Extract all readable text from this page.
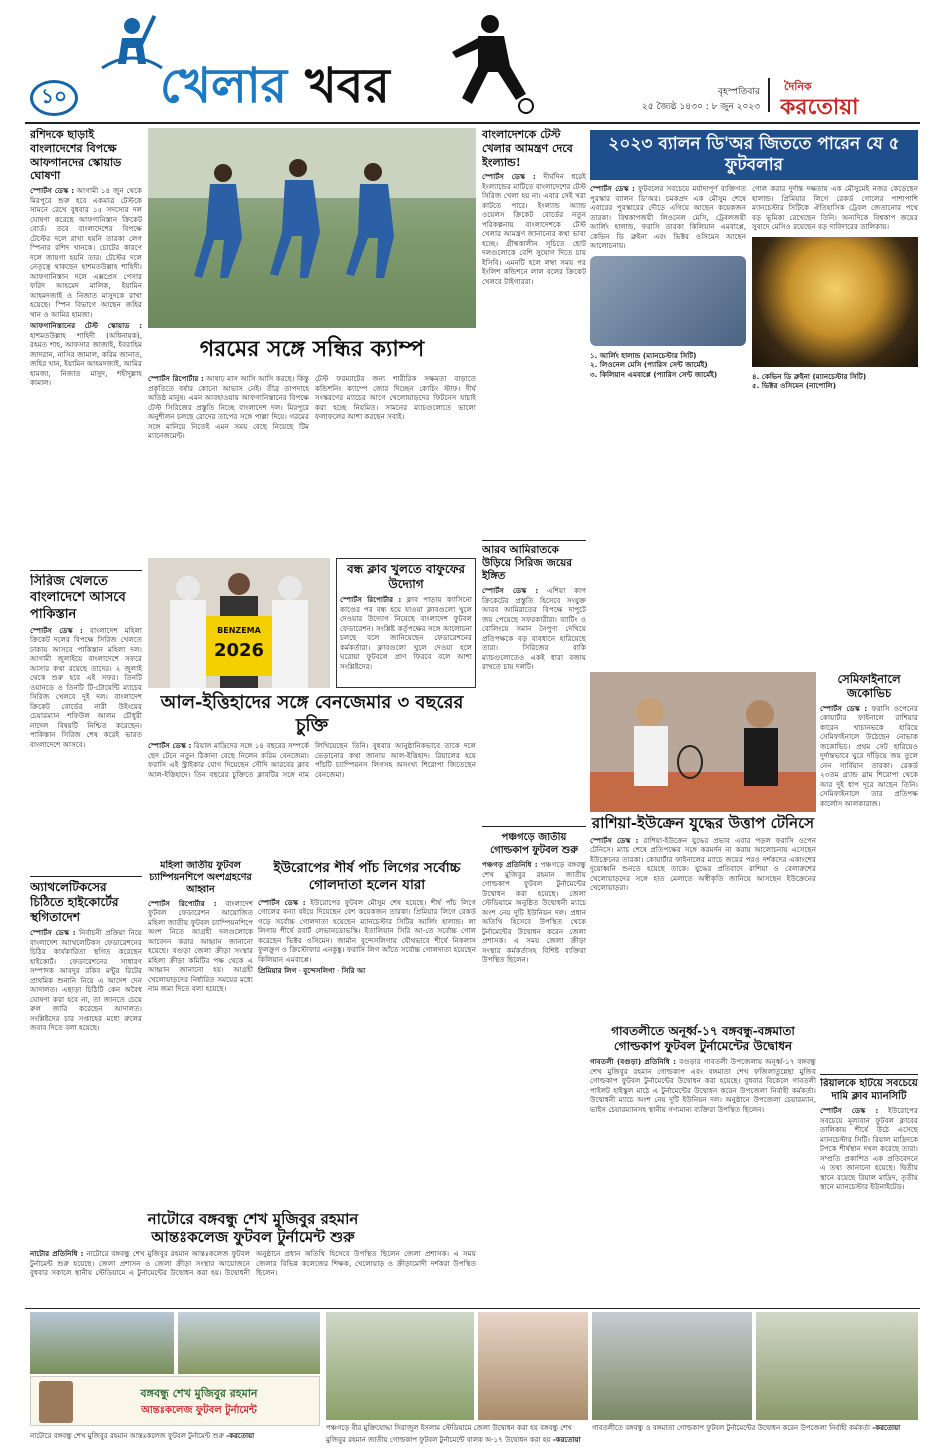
১০ খেলার খবর	বৃহস্পতিবার
২৫ জ্যৈষ্ঠ ১৪৩০ : ৮ জুন ২০২৩
দৈনিক
করতোয়া
রশিদকে ছাড়াই বাংলাদেশের বিপক্ষে আফগানদের স্কোয়াড ঘোষণা
স্পোর্টস ডেস্ক : আগামী ১৪ জুন থেকে মিরপুরে শুরু হবে একমাত্র টেস্টকে সামনে রেখে বুধবার ১৫ সদস্যের দল ঘোষণা করেছে আফগানিস্তান ক্রিকেট বোর্ড। তবে বাংলাদেশের বিপক্ষে টেস্টের দলে রাখা হয়নি তারকা লেগ স্পিনার রশিদ খানকে। চোটের কারণে দলে জায়গা হয়নি তার। টেস্টের দলে নেতৃত্বে থাকছেন হাশমতউল্লাহ শাহিদী। আফগানিস্তান দলে এক্সপ্রেস পেসার ফরিদ আহমেদ মালিক, ইয়ামিন আহমদজাই ও নিজাত মাসুদকে রাখা হয়েছে। স্পিন বিভাগে আছেন জহির খান ও আমির হামজা।
আফগানিস্তানের টেস্ট স্কোয়াড : হাশমতউল্লাহ শাহিদী (অধিনায়ক), রহমত শাহ, আফসার জাজাই, ইবরাহিম জাদরান, নাসির জামাল, করিম জানাত, জহির খান, ইয়ামিন আহমদজাই, আমির হামজা, নিজাত মাসুদ, শহীদুল্লাহ কামাল।
সিরিজ খেলতে বাংলাদেশে আসবে পাকিস্তান
স্পোর্টস ডেস্ক : বাংলাদেশ মহিলা ক্রিকেট দলের বিপক্ষে সিরিজ খেলতে ঢাকায় আসবে পাকিস্তান মহিলা দল। আগামী জুলাইয়ে বাংলাদেশে সফরে আসার কথা রয়েছে তাদের। ২ জুলাই থেকে শুরু হবে এই সফর। তিনটি ওয়ানডে ও তিনটি টি-টোয়েন্টি ম্যাচের সিরিজ খেলবে দুই দল। বাংলাদেশ ক্রিকেট বোর্ডের নারী উইংয়ের চেয়ারম্যান শফিউল আলম চৌধুরী নাদেল বিষয়টি নিশ্চিত করেছেন। পাকিস্তান সিরিজ শেষ করেই ভারত বাংলাদেশে আসবে।
অ্যাথলেটিকসের চিঠিতে হাইকোর্টের স্থগিতাদেশ
স্পোর্টস ডেস্ক : নির্বাচনী প্রক্রিয়া নিয়ে বাংলাদেশ অ্যাথলেটিকস ফেডারেশনের চিঠির কার্যকারিতা স্থগিত করেছেন হাইকোর্ট। ফেডারেশনের সাধারণ সম্পাদক আবদুর রকিব মন্টুর রিটের প্রাথমিক শুনানি নিয়ে এ আদেশ দেন আদালত। এছাড়া চিঠিটি কেন অবৈধ ঘোষণা করা হবে না, তা জানতে চেয়ে রুল জারি করেছেন আদালত। সংশ্লিষ্টদের চার সপ্তাহের মধ্যে রুলের জবাব দিতে বলা হয়েছে।
গরমের সঙ্গে সন্ধির ক্যাম্প
স্পোর্টস রিপোর্টার : আষাঢ় মাস আসি আসি করছে। কিন্তু প্রকৃতিতে বর্ষার কোনো আভাস নেই। তীব্র তাপদাহে অতিষ্ঠ মানুষ। এমন আবহাওয়ায় আফগানিস্তানের বিপক্ষে টেস্ট সিরিজের প্রস্তুতি নিচ্ছে বাংলাদেশ দল। মিরপুরে অনুশীলন চলছে রোদের তাপের সঙ্গে পাল্লা দিয়ে। গরমের সঙ্গে মানিয়ে নিতেই এমন সময় বেছে নিয়েছে টিম ম্যানেজমেন্ট।
টেস্ট ফরম্যাটের জন্য শারীরিক সক্ষমতা বাড়াতে কন্ডিশনিং ক্যাম্পে জোর দিচ্ছেন কোচিং স্টাফ। দীর্ঘ সংস্করণের ম্যাচের আগে খেলোয়াড়দের ফিটনেস যাচাই করা হচ্ছে নিয়মিত। সামনের ম্যাচগুলোতে ভালো ফলাফলের আশা করছেন সবাই।
BENZEMA
2026
আল-ইত্তিহাদের সঙ্গে বেনজেমার ৩ বছরের চুক্তি
স্পোর্টস ডেস্ক : রিয়াল মাদ্রিদের সঙ্গে ১৪ বছরের সম্পর্কে ছেদ টেনে নতুন ঠিকানা বেছে নিলেন করিম বেনজেমা। ফরাসি এই স্ট্রাইকার যোগ দিয়েছেন সৌদি আরবের ক্লাব আল-ইত্তিহাদে। তিন বছরের চুক্তিতে ক্লাবটির সঙ্গে নাম লিখিয়েছেন তিনি। বুধবার আনুষ্ঠানিকভাবে তাকে দলে ভেড়ানোর কথা জানায় আল-ইত্তিহাদ। রিয়ালের হয়ে পাঁচটি চ্যাম্পিয়নস লিগসহ অসংখ্য শিরোপা জিতেছেন বেনজেমা।
বন্ধ ক্লাব খুলতে বাফুফের উদ্যোগ
স্পোর্টস রিপোর্টার : ক্লাব পাড়ায় ক্যাসিনো কাণ্ডের পর বন্ধ হয়ে যাওয়া ক্লাবগুলো খুলে দেওয়ার উদ্যোগ নিয়েছে বাংলাদেশ ফুটবল ফেডারেশন। সংশ্লিষ্ট কর্তৃপক্ষের সঙ্গে আলোচনা চলছে বলে জানিয়েছেন ফেডারেশনের কর্মকর্তারা। ক্লাবগুলো খুলে দেওয়া হলে ঘরোয়া ফুটবলে প্রাণ ফিরবে বলে আশা সংশ্লিষ্টদের।
মহিলা জাতীয় ফুটবল চ্যাম্পিয়নশিপে অংশগ্রহণের আহ্বান
স্পোর্টস রিপোর্টার : বাংলাদেশ ফুটবল ফেডারেশন আয়োজিত মহিলা জাতীয় ফুটবল চ্যাম্পিয়নশিপে অংশ নিতে আগ্রহী দলগুলোকে আবেদন করার আহ্বান জানানো হয়েছে। বগুড়া জেলা ক্রীড়া সংস্থার মহিলা ক্রীড়া কমিটির পক্ষ থেকে এ আহ্বান জানানো হয়। আগ্রহী খেলোয়াড়দের নির্ধারিত সময়ের মধ্যে নাম জমা দিতে বলা হয়েছে।
ইউরোপের শীর্ষ পাঁচ লিগের সর্বোচ্চ গোলদাতা হলেন যারা
স্পোর্টস ডেস্ক : ইউরোপের ফুটবল মৌসুম শেষ হয়েছে। শীর্ষ পাঁচ লিগে গোলের বন্যা বইয়ে দিয়েছেন বেশ কয়েকজন তারকা। প্রিমিয়ার লিগে রেকর্ড গড়ে সর্বোচ্চ গোলদাতা হয়েছেন ম্যানচেস্টার সিটির আর্লিং হালান্ড। লা লিগায় শীর্ষে রবার্ট লেভানডোভস্কি। ইতালিয়ান সিরি আ-তে সর্বোচ্চ গোল করেছেন ভিক্টর ওসিমেন। জার্মান বুন্দেসলিগায় যৌথভাবে শীর্ষে নিকলাস ফুলক্রুগ ও ক্রিস্টোফার এনকুঙ্কু। ফরাসি লিগ আঁতে সর্বোচ্চ গোলদাতা হয়েছেন কিলিয়ান এমবাপ্পে।
প্রিমিয়ার লিগ · বুন্দেসলিগা · সিরি আ
বাংলাদেশকে টেস্ট খেলার আমন্ত্রণ দেবে ইংল্যান্ড!
স্পোর্টস ডেস্ক : দীর্ঘদিন ধরেই ইংল্যান্ডের মাটিতে বাংলাদেশের টেস্ট সিরিজ খেলা হয় না। এবার সেই খরা কাটতে পারে। ইংল্যান্ড অ্যান্ড ওয়েলস ক্রিকেট বোর্ডের নতুন পরিকল্পনায় বাংলাদেশকে টেস্ট খেলার আমন্ত্রণ জানানোর কথা ভাবা হচ্ছে। গ্রীষ্মকালীন সূচিতে ছোট দলগুলোকে বেশি সুযোগ দিতে চায় ইসিবি। এমনটি হলে লম্বা সময় পর ইংলিশ কন্ডিশনে লাল বলের ক্রিকেট খেলবে টাইগাররা।
আরব আমিরাতকে উড়িয়ে সিরিজ জয়ের ইঙ্গিত
স্পোর্টস ডেস্ক : এশিয়া কাপ ক্রিকেটের প্রস্তুতি হিসেবে সংযুক্ত আরব আমিরাতের বিপক্ষে দাপুটে জয় পেয়েছে সফরকারীরা। ব্যাটিং ও বোলিংয়ে সমান নৈপুণ্য দেখিয়ে প্রতিপক্ষকে বড় ব্যবধানে হারিয়েছে তারা। সিরিজের বাকি ম্যাচগুলোতেও একই ধারা বজায় রাখতে চায় দলটি।
পঞ্চগড়ে জাতীয় গোল্ডকাপ ফুটবল শুরু
পঞ্চগড় প্রতিনিধি : পঞ্চগড়ে বঙ্গবন্ধু শেখ মুজিবুর রহমান জাতীয় গোল্ডকাপ ফুটবল টুর্নামেন্টের উদ্বোধন করা হয়েছে। জেলা স্টেডিয়ামে অনুষ্ঠিত উদ্বোধনী ম্যাচে অংশ নেয় দুটি ইউনিয়ন দল। প্রধান অতিথি হিসেবে উপস্থিত থেকে টুর্নামেন্টের উদ্বোধন করেন জেলা প্রশাসক। এ সময় জেলা ক্রীড়া সংস্থার কর্মকর্তাসহ বিশিষ্ট ব্যক্তিরা উপস্থিত ছিলেন।
২০২৩ ব্যালন ডি'অর জিততে পারেন যে ৫ ফুটবলার
স্পোর্টস ডেস্ক : ফুটবলের সবচেয়ে মর্যাদাপূর্ণ ব্যক্তিগত পুরস্কার ব্যালন ডি'অর। চমকপ্রদ এক মৌসুম শেষে এবারের পুরস্কারের দৌড়ে এগিয়ে আছেন কয়েকজন তারকা। বিশ্বকাপজয়ী লিওনেল মেসি, ট্রেবলজয়ী আর্লিং হালান্ড, ফরাসি তারকা কিলিয়ান এমবাপ্পে, কেভিন ডি ব্রুইনা এবং ভিক্টর ওসিমেন আছেন আলোচনায়।
১. আর্লিং হালান্ড (ম্যানচেস্টার সিটি)
২. লিওনেল মেসি (প্যারিস সেন্ট জার্মেই)
৩. কিলিয়ান এমবাপ্পে (প্যারিস সেন্ট জার্মেই)
গোল করার দুর্দান্ত দক্ষতায় এক মৌসুমেই নজর কেড়েছেন হালান্ড। প্রিমিয়ার লিগে রেকর্ড গোলের পাশাপাশি ম্যানচেস্টার সিটিকে ঐতিহাসিক ট্রেবল জেতানোর পথে বড় ভূমিকা রেখেছেন তিনি। অন্যদিকে বিশ্বকাপ জয়ের সুবাদে মেসিও রয়েছেন বড় দাবিদারের তালিকায়।
৪. কেভিন ডি ব্রুইনা (ম্যানচেস্টার সিটি)
৫. ভিক্টর ওসিমেন (নাপোলি)
রাশিয়া-ইউক্রেন যুদ্ধের উত্তাপ টেনিসে
স্পোর্টস ডেস্ক : রাশিয়া-ইউক্রেন যুদ্ধের প্রভাব এবার পড়ল ফরাসি ওপেন টেনিসে। ম্যাচ শেষে প্রতিপক্ষের সঙ্গে করমর্দন না করায় আলোচনায় এসেছেন ইউক্রেনের তারকা। কোয়ার্টার ফাইনালের ম্যাচে জয়ের পরও দর্শকদের একাংশের দুয়োধ্বনি শুনতে হয়েছে তাকে। যুদ্ধের প্রতিবাদে রাশিয়া ও বেলারুশের খেলোয়াড়দের সঙ্গে হাত মেলাতে অস্বীকৃতি জানিয়ে আসছেন ইউক্রেনের খেলোয়াড়রা।
সেমিফাইনালে জকোভিচ
স্পোর্টস ডেস্ক : ফরাসি ওপেনের কোয়ার্টার ফাইনালে রাশিয়ার কারেন খাচানভকে হারিয়ে সেমিফাইনালে উঠেছেন নোভাক জকোভিচ। প্রথম সেট হারিয়েও দুর্দান্তভাবে ঘুরে দাঁড়িয়ে জয় তুলে নেন সার্বিয়ান তারকা। রেকর্ড ২৩তম গ্র্যান্ড স্লাম শিরোপা থেকে আর দুই ধাপ দূরে আছেন তিনি। সেমিফাইনালে তার প্রতিপক্ষ কার্লোস আলকারাজ।
রিয়ালকে হটিয়ে সবচেয়ে দামি ক্লাব ম্যানসিটি
স্পোর্টস ডেস্ক : ইউরোপের সবচেয়ে মূল্যবান ফুটবল ক্লাবের তালিকায় শীর্ষে উঠে এসেছে ম্যানচেস্টার সিটি। রিয়াল মাদ্রিদকে টপকে শীর্ষস্থান দখল করেছে তারা। সম্প্রতি প্রকাশিত এক প্রতিবেদনে এ তথ্য জানানো হয়েছে। দ্বিতীয় স্থানে রয়েছে রিয়াল মাদ্রিদ, তৃতীয় স্থানে ম্যানচেস্টার ইউনাইটেড।
গাবতলীতে অনূর্ধ্ব-১৭ বঙ্গবন্ধু-বঙ্গমাতা গোল্ডকাপ ফুটবল টুর্নামেন্টের উদ্বোধন
গাবতলী (বগুড়া) প্রতিনিধি : বগুড়ার গাবতলী উপজেলায় অনূর্ধ্ব-১৭ বঙ্গবন্ধু শেখ মুজিবুর রহমান গোল্ডকাপ এবং বঙ্গমাতা শেখ ফজিলাতুন্নেছা মুজিব গোল্ডকাপ ফুটবল টুর্নামেন্টের উদ্বোধন করা হয়েছে। বুধবার বিকেলে গাবতলী পাইলট হাইস্কুল মাঠে এ টুর্নামেন্টের উদ্বোধন করেন উপজেলা নির্বাহী কর্মকর্তা। উদ্বোধনী ম্যাচে অংশ নেয় দুটি ইউনিয়ন দল। অনুষ্ঠানে উপজেলা চেয়ারম্যান, ভাইস চেয়ারম্যানসহ স্থানীয় গণ্যমান্য ব্যক্তিরা উপস্থিত ছিলেন।
নাটোরে বঙ্গবন্ধু শেখ মুজিবুর রহমান
আন্তঃকলেজ ফুটবল টুর্নামেন্ট শুরু
নাটোর প্রতিনিধি : নাটোরে বঙ্গবন্ধু শেখ মুজিবুর রহমান আন্তঃকলেজ ফুটবল টুর্নামেন্ট শুরু হয়েছে। জেলা প্রশাসন ও জেলা ক্রীড়া সংস্থার আয়োজনে বুধবার সকালে স্থানীয় স্টেডিয়ামে এ টুর্নামেন্টের উদ্বোধন করা হয়। উদ্বোধনী অনুষ্ঠানে প্রধান অতিথি হিসেবে উপস্থিত ছিলেন জেলা প্রশাসক। এ সময় জেলার বিভিন্ন কলেজের শিক্ষক, খেলোয়াড় ও ক্রীড়ামোদী দর্শকরা উপস্থিত ছিলেন।
বঙ্গবন্ধু শেখ মুজিবুর রহমান
আন্তঃকলেজ ফুটবল টুর্নামেন্ট
নাটোরে বঙ্গবন্ধু শেখ মুজিবুর রহমান আন্তঃকলেজ ফুটবল টুর্নামেন্ট শুরু -করতোয়া
পঞ্চগড়ে বীর মুক্তিযোদ্ধা সিরাজুল ইসলাম স্টেডিয়ামে জেলা উদ্বোধন করা হয় বঙ্গবন্ধু শেখ মুজিবুর রহমান জাতীয় গোল্ডকাপ ফুটবল টুর্নামেন্টে বালক অ-১৭ উদ্বোধন করা হয় -করতোয়া
গাবতলীতে বঙ্গবন্ধু ও বঙ্গমাতা গোল্ডকাপ ফুটবল টুর্নামেন্টের উদ্বোধন করেন উপজেলা নির্বাহী কর্মকর্তা -করতোয়া
